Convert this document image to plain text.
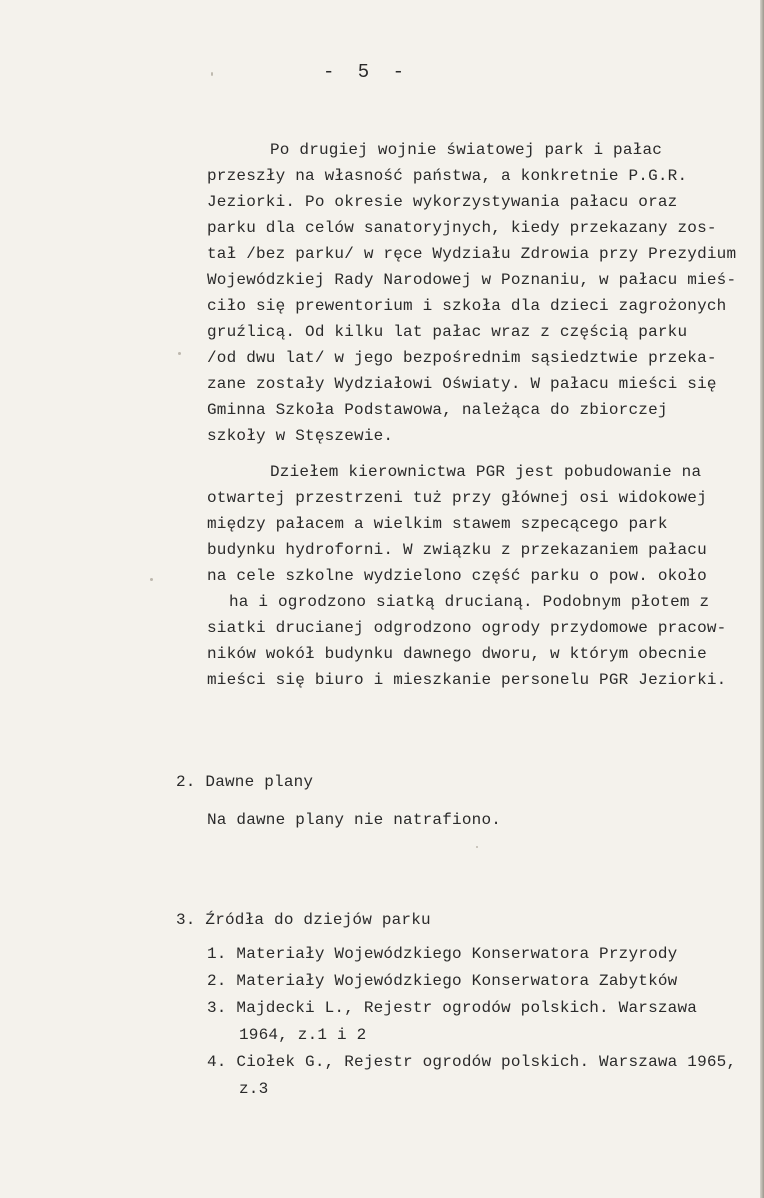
- 5 -
Po drugiej wojnie światowej park i pałac
przeszły na własność państwa, a konkretnie P.G.R.
Jeziorki. Po okresie wykorzystywania pałacu oraz
parku dla celów sanatoryjnych, kiedy przekazany zos-
tał /bez parku/ w ręce Wydziału Zdrowia przy Prezydium
Wojewódzkiej Rady Narodowej w Poznaniu, w pałacu mieś-
ciło się prewentorium i szkoła dla dzieci zagrożonych
gruźlicą. Od kilku lat pałac wraz z częścią parku
/od dwu lat/ w jego bezpośrednim sąsiedztwie przeka-
zane zostały Wydziałowi Oświaty. W pałacu mieści się
Gminna Szkoła Podstawowa, należąca do zbiorczej
szkoły w Stęszewie.
Dziełem kierownictwa PGR jest pobudowanie na
otwartej przestrzeni tuż przy głównej osi widokowej
między pałacem a wielkim stawem szpecącego park
budynku hydroforni. W związku z przekazaniem pałacu
na cele szkolne wydzielono część parku o pow. około
ha i ogrodzono siatką drucianą. Podobnym płotem z
siatki drucianej odgrodzono ogrody przydomowe pracow-
ników wokół budynku dawnego dworu, w którym obecnie
mieści się biuro i mieszkanie personelu PGR Jeziorki.
2. Dawne plany
Na dawne plany nie natrafiono.
3. Źródła do dziejów parku
1. Materiały Wojewódzkiego Konserwatora Przyrody
2. Materiały Wojewódzkiego Konserwatora Zabytków
3. Majdecki L., Rejestr ogrodów polskich. Warszawa
1964, z.1 i 2
4. Ciołek G., Rejestr ogrodów polskich. Warszawa 1965,
z.3
